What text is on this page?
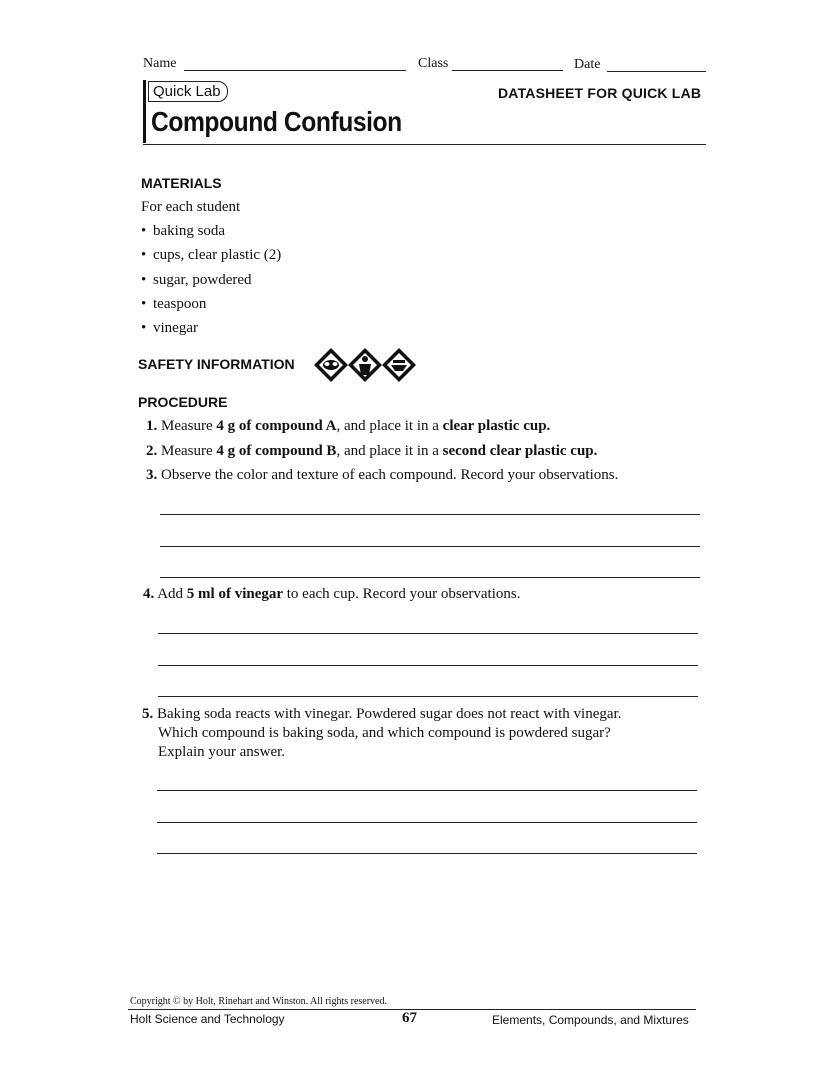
Name	Class	Date
Quick Lab	DATASHEET FOR QUICK LAB
Compound Confusion
MATERIALS
For each student
• baking soda
• cups, clear plastic (2)
• sugar, powdered
• teaspoon
• vinegar
SAFETY INFORMATION
PROCEDURE
1. Measure 4 g of compound A, and place it in a clear plastic cup.
2. Measure 4 g of compound B, and place it in a second clear plastic cup.
3. Observe the color and texture of each compound. Record your observations.
4. Add 5 ml of vinegar to each cup. Record your observations.
5. Baking soda reacts with vinegar. Powdered sugar does not react with vinegar.
Which compound is baking soda, and which compound is powdered sugar?
Explain your answer.
Copyright © by Holt, Rinehart and Winston. All rights reserved.
Holt Science and Technology	67	Elements, Compounds, and Mixtures
